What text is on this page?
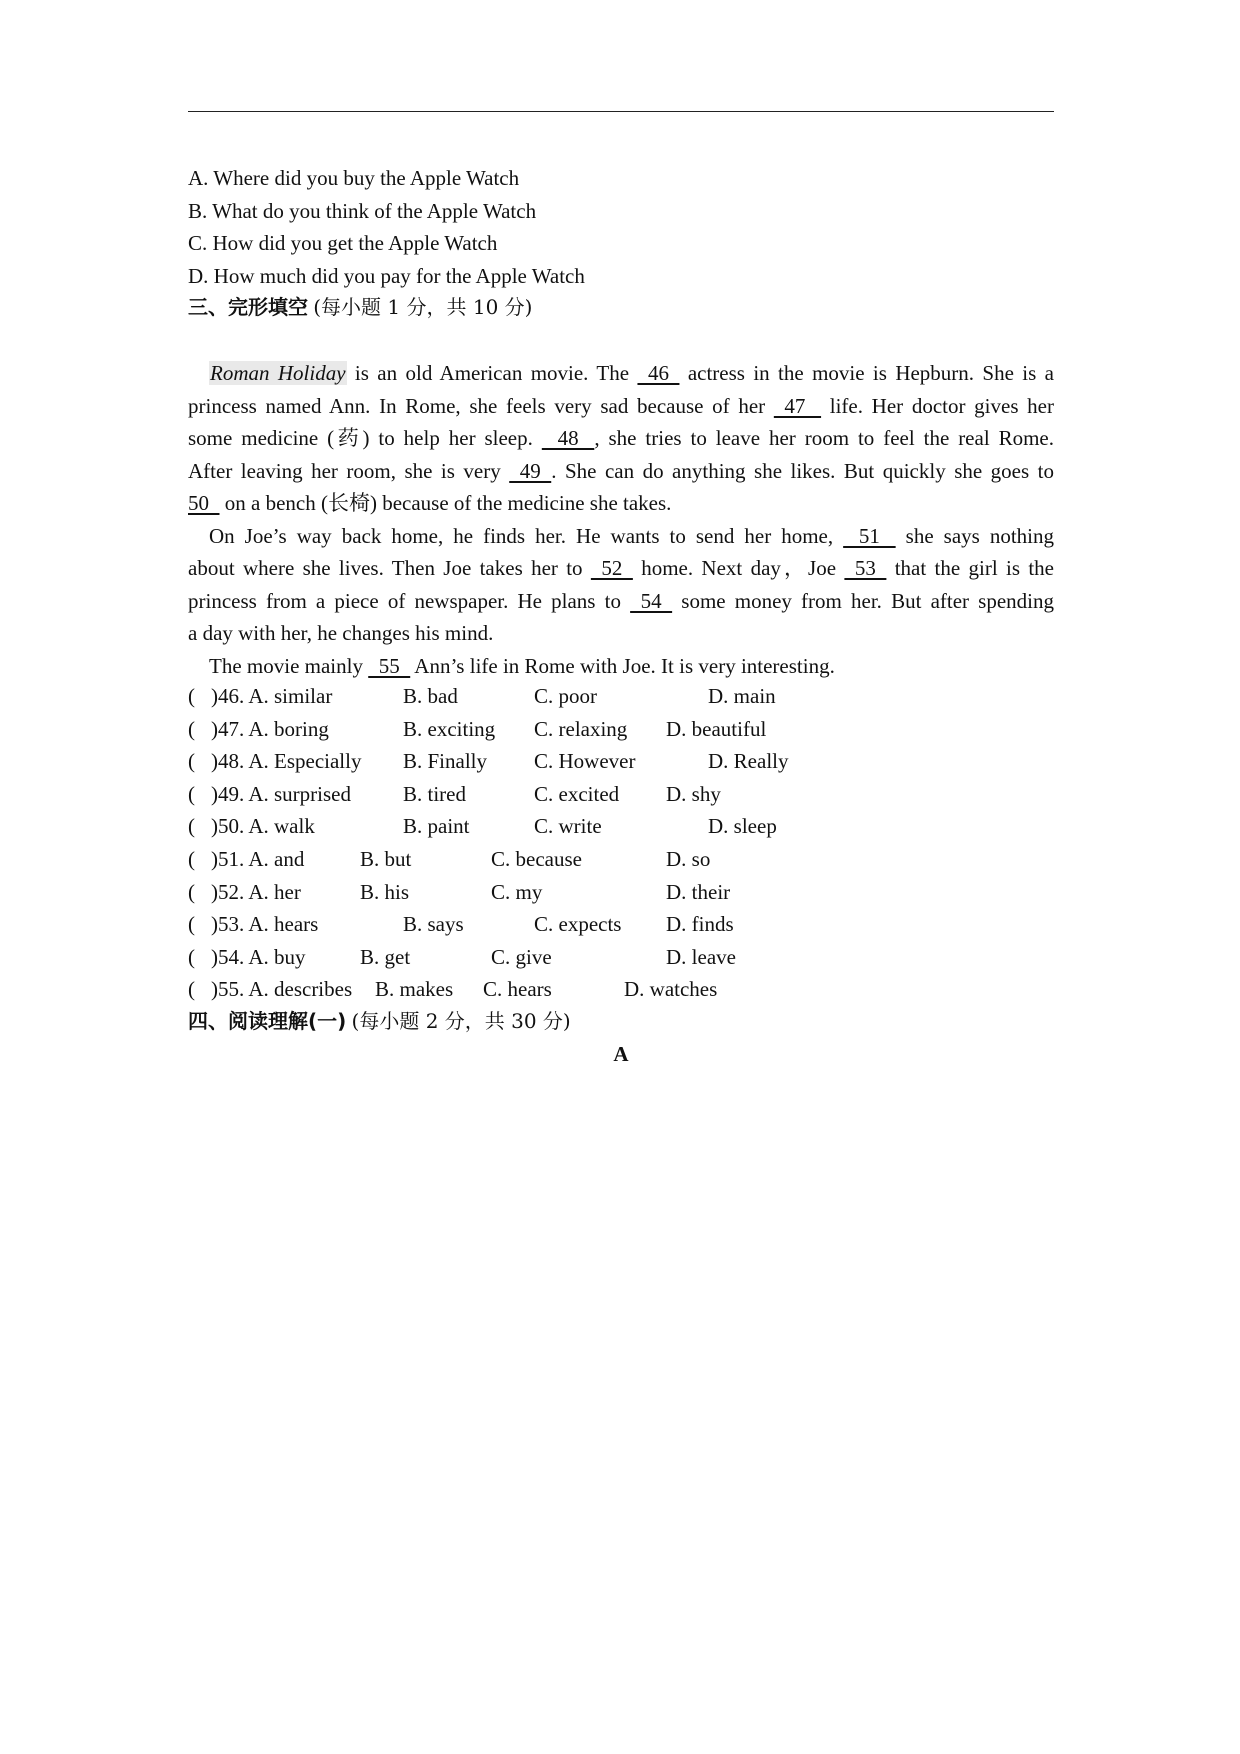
A. Where did you buy the Apple Watch
B. What do you think of the Apple Watch
C. How did you get the Apple Watch
D. How much did you pay for the Apple Watch
三、完形填空 (每小题 1 分，共 10 分)
Roman Holiday is an old American movie. The   46   actress in the movie is Hepburn. She is a
princess named Ann. In Rome, she feels very sad because of her   47    life. Her doctor gives her
some medicine (药) to help her sleep.    48   , she tries to leave her room to feel the real Rome.
After leaving her room, she is very   49  . She can do anything she likes. But quickly she goes to
50   on a bench (长椅) because of the medicine she takes.
On Joe’s way back home, he finds her. He wants to send her home,    51    she says nothing
about where she lives. Then Joe takes her to   52   home. Next day，Joe   53   that the girl is the
princess from a piece of newspaper. He plans to   54   some money from her. But after spending
a day with her, he changes his mind.
The movie mainly   55   Ann’s life in Rome with Joe. It is very interesting.
( )46. A. similar	B. bad	C. poor	D. main
( )47. A. boring	B. exciting C. relaxing D. beautiful
( )48. A. Especially B. Finally C. However	D. Really
( )49. A. surprised B. tired	C. excited D. shy
( )50. A. walk	B. paint	C. write	D. sleep
( )51. A. and	B. but	C. because	D. so
( )52. A. her	B. his	C. my	D. their
( )53. A. hears	B. says	C. expects D. finds
( )54. A. buy	B. get	C. give	D. leave
( )55. A. describes B. makes C. hears	D. watches
四、阅读理解(一) (每小题 2 分，共 30 分)
A
